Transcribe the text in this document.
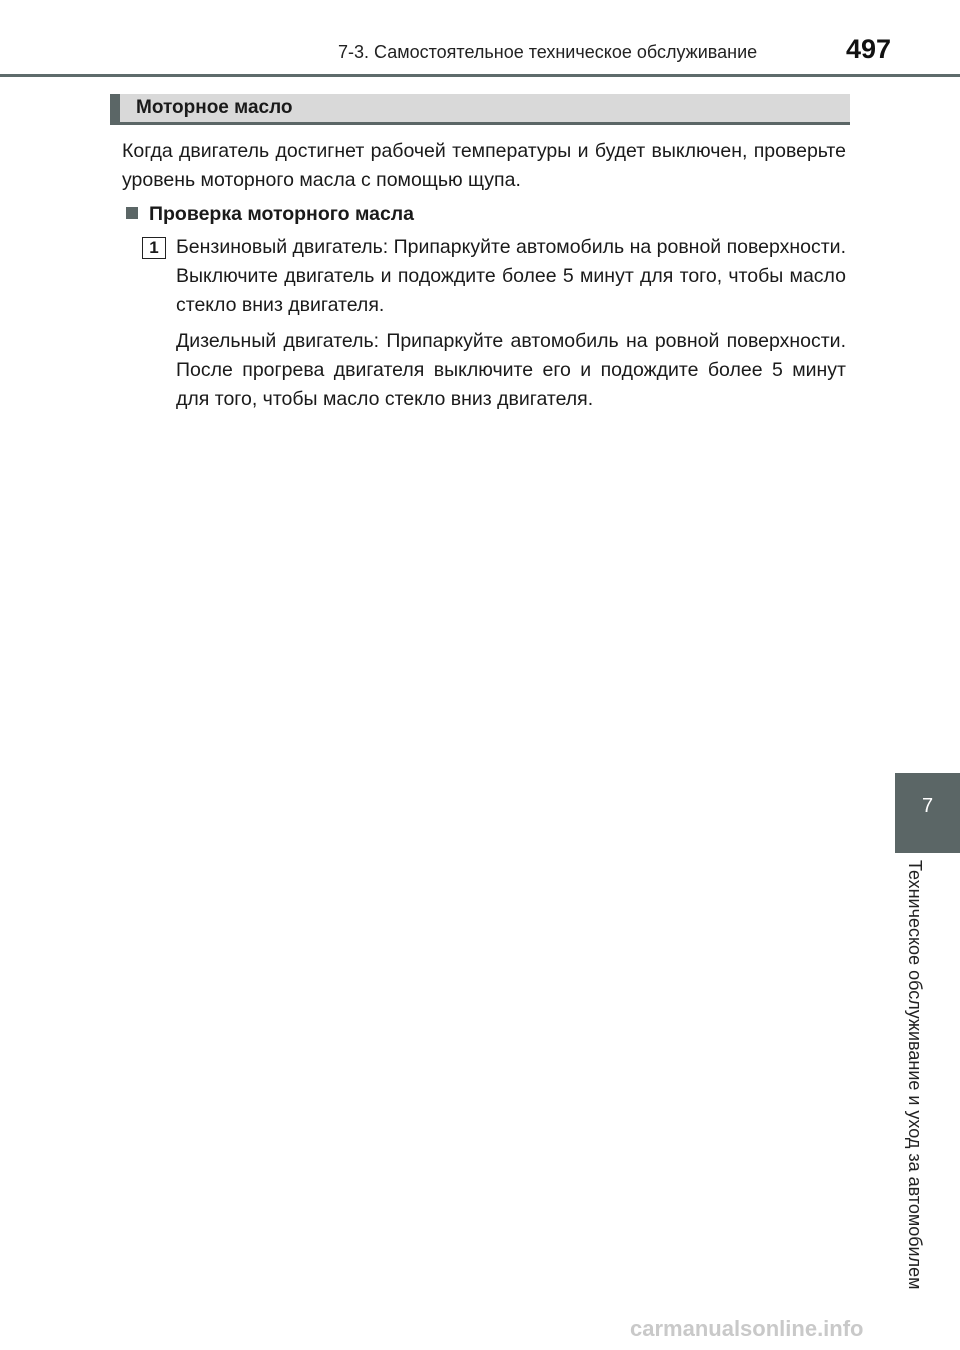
7-3. Самостоятельное техническое обслуживание	497
Моторное масло
Когда двигатель достигнет рабочей температуры и будет выключен, проверьте уровень моторного масла с помощью щупа.
Проверка моторного масла
1 Бензиновый двигатель: Припаркуйте автомобиль на ровной поверхности. Выключите двигатель и подождите более 5 минут для того, чтобы масло стекло вниз двигателя.
Дизельный двигатель: Припаркуйте автомобиль на ровной поверхности. После прогрева двигателя выключите его и подождите более 5 минут для того, чтобы масло стекло вниз двигателя.
7
Техническое обслуживание и уход за автомобилем
carmanualsonline.info
